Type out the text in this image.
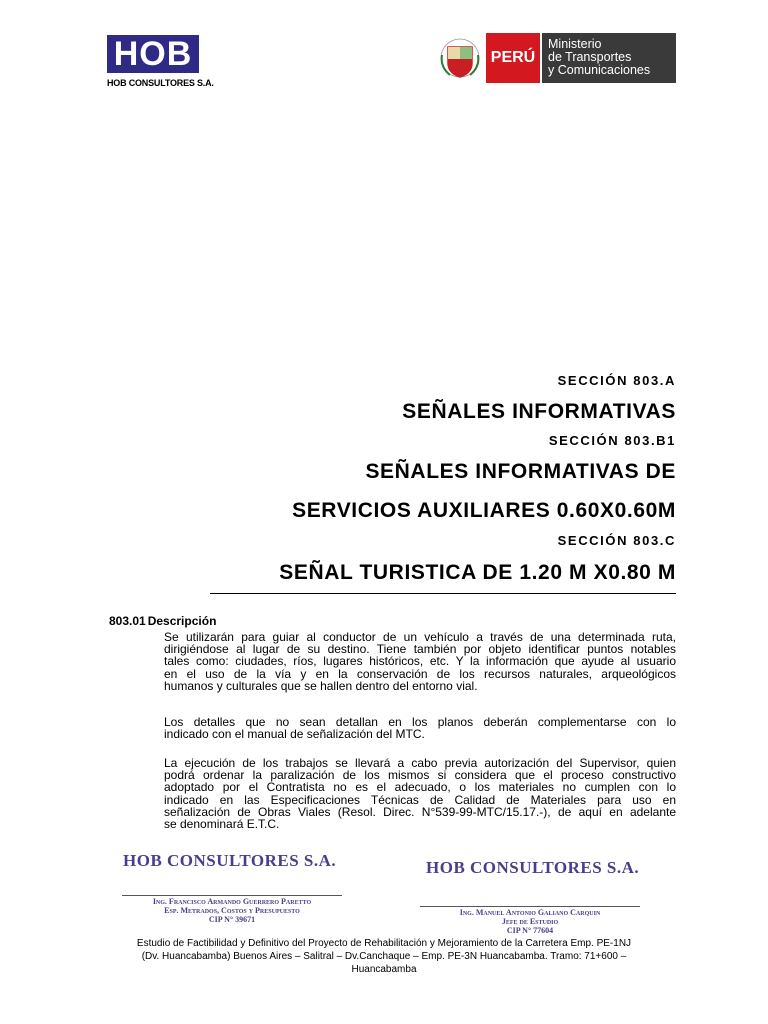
HOB
HOB CONSULTORES S.A.
PERÚ
Ministerio
de Transportes
y Comunicaciones
SECCIÓN 803.A
SEÑALES INFORMATIVAS
SECCIÓN 803.B1
SEÑALES INFORMATIVAS DE
SERVICIOS AUXILIARES 0.60X0.60M
SECCIÓN 803.C
SEÑAL TURISTICA DE 1.20 M X0.80 M
803.01 Descripción
Se utilizarán para guiar al conductor de un vehículo a través de una determinada ruta,
dirigiéndose al lugar de su destino. Tiene también por objeto identificar puntos notables
tales como: ciudades, ríos, lugares históricos, etc. Y la información que ayude al usuario
en el uso de la vía y en la conservación de los recursos naturales, arqueológicos
humanos y culturales que se hallen dentro del entorno vial.
Los detalles que no sean detallan en los planos deberán complementarse con lo
indicado con el manual de señalización del MTC.
La ejecución de los trabajos se llevará a cabo previa autorización del Supervisor, quien
podrá ordenar la paralización de los mismos si considera que el proceso constructivo
adoptado por el Contratista no es el adecuado, o los materiales no cumplen con lo
indicado en las Especificaciones Técnicas de Calidad de Materiales para uso en
señalización de Obras Viales (Resol. Direc. N°539-99-MTC/15.17.-), de aquí en adelante
se denominará E.T.C.
HOB CONSULTORES S.A.
Ing. Francisco Armando Guerrero Paretto
Esp. Metrados, Costos y Presupuesto
CIP N° 39671
HOB CONSULTORES S.A.
Ing. Manuel Antonio Galiano Carquin
Jefe de Estudio
CIP N° 77604
Estudio de Factibilidad y Definitivo del Proyecto de Rehabilitación y Mejoramiento de la Carretera Emp. PE-1NJ
(Dv. Huancabamba) Buenos Aires – Salitral – Dv.Canchaque – Emp. PE-3N Huancabamba. Tramo: 71+600 –
Huancabamba
